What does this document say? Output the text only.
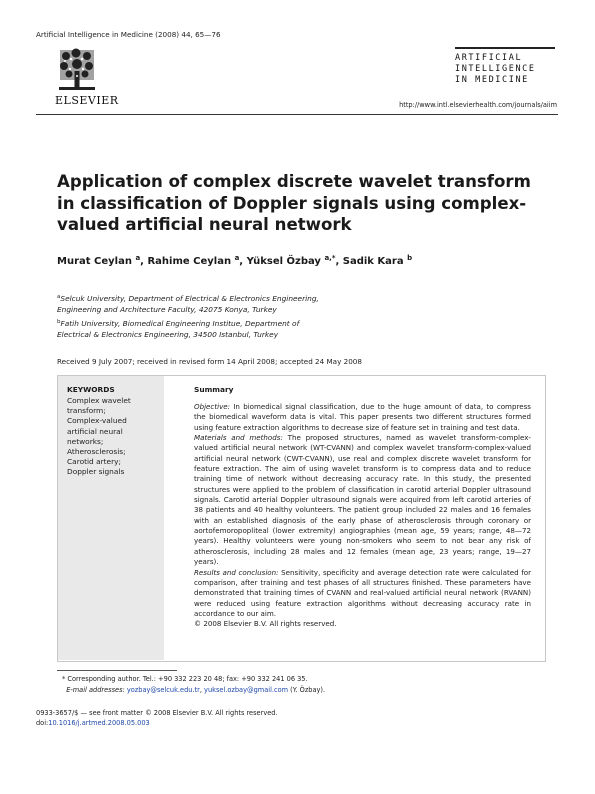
Artificial Intelligence in Medicine (2008) 44, 65—76
ELSEVIER
ARTIFICIAL
INTELLIGENCE
IN MEDICINE
http://www.intl.elsevierhealth.com/journals/aiim
Application of complex discrete wavelet transform in classification of Doppler signals using complex-valued artificial neural network
Murat Ceylan $^a$, Rahime Ceylan $^a$, Yüksel Özbay $^{a,*}$, Sadik Kara $^b$
$^a$Selcuk University, Department of Electrical & Electronics Engineering,
Engineering and Architecture Faculty, 42075 Konya, Turkey
$^b$Fatih University, Biomedical Engineering Institue, Department of
Electrical & Electronics Engineering, 34500 Istanbul, Turkey
Received 9 July 2007; received in revised form 14 April 2008; accepted 24 May 2008
KEYWORDS
Complex wavelet
transform;
Complex-valued
artificial neural
networks;
Atherosclerosis;
Carotid artery;
Doppler signals
Summary

Objective: In biomedical signal classification, due to the huge amount of data, to compress the biomedical waveform data is vital. This paper presents two different structures formed using feature extraction algorithms to decrease size of feature set in training and test data.

Materials and methods: The proposed structures, named as wavelet transform-complex-valued artificial neural network (WT-CVANN) and complex wavelet transform-complex-valued artificial neural network (CWT-CVANN), use real and complex discrete wavelet transform for feature extraction. The aim of using wavelet transform is to compress data and to reduce training time of network without decreasing accuracy rate. In this study, the presented structures were applied to the problem of classification in carotid arterial Doppler ultrasound signals. Carotid arterial Doppler ultrasound signals were acquired from left carotid arteries of 38 patients and 40 healthy volunteers. The patient group included 22 males and 16 females with an established diagnosis of the early phase of atherosclerosis through coronary or aortofemoropopliteal (lower extremity) angiographies (mean age, 59 years; range, 48—72 years). Healthy volunteers were young non-smokers who seem to not bear any risk of atherosclerosis, including 28 males and 12 females (mean age, 23 years; range, 19—27 years).

Results and conclusion: Sensitivity, specificity and average detection rate were calculated for comparison, after training and test phases of all structures finished. These parameters have demonstrated that training times of CVANN and real-valued artificial neural network (RVANN) were reduced using feature extraction algorithms without decreasing accuracy rate in accordance to our aim.

© 2008 Elsevier B.V. All rights reserved.

* Corresponding author. Tel.: +90 332 223 20 48; fax: +90 332 241 06 35.
E-mail addresses: yozbay@selcuk.edu.tr, yuksel.ozbay@gmail.com (Y. Özbay).
0933-3657/$ — see front matter © 2008 Elsevier B.V. All rights reserved.
doi:10.1016/j.artmed.2008.05.003
